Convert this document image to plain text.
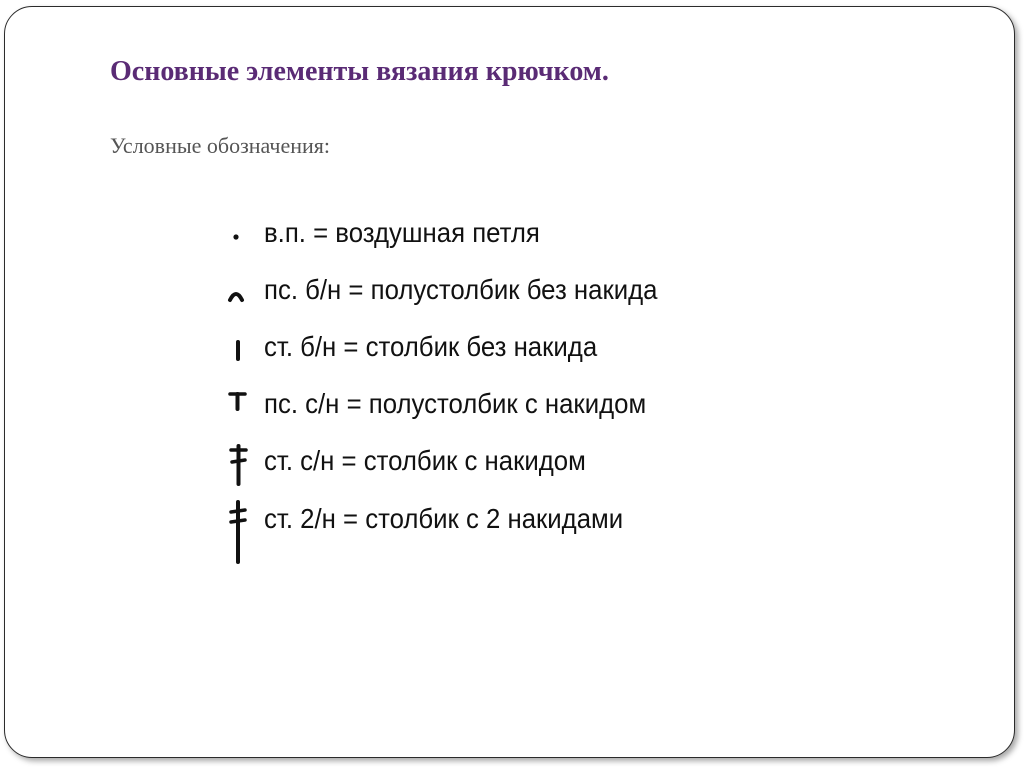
Основные элементы вязания крючком.

Условные обозначения:

в.п. = воздушная петля
пс. б/н = полустолбик без накида
ст. б/н = столбик без накида
пс. с/н = полустолбик с накидом
ст. с/н = столбик с накидом
ст. 2/н = столбик с 2 накидами
